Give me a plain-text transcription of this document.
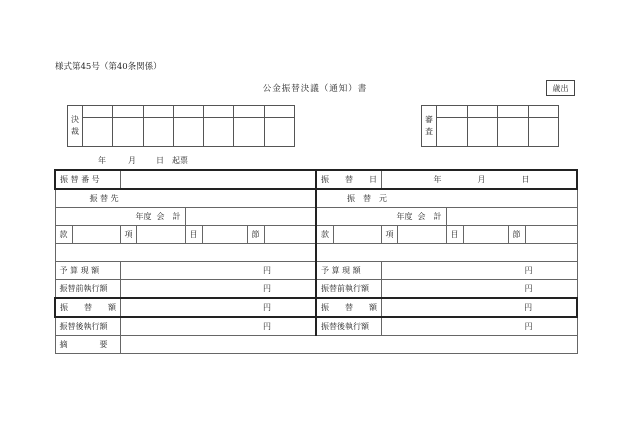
様式第45号（第40条関係）
公金振替決議（通知）書	歳出
決
裁							

審
査				

年	月	日 起票
振 替 番 号								振　　替　　日		年 月 日					
振 替 先								振　替　元							
年度 会　計								年度 会　計							
款		項		目		節		款		項		目		節	

予 算 現 額		円						予 算 現 額		円					
振替前執行額		円						振替前執行額		円					
振　　替　　額		円						振　　替　　額		円					
振替後執行額		円						振替後執行額		円					
摘　　　　要															
